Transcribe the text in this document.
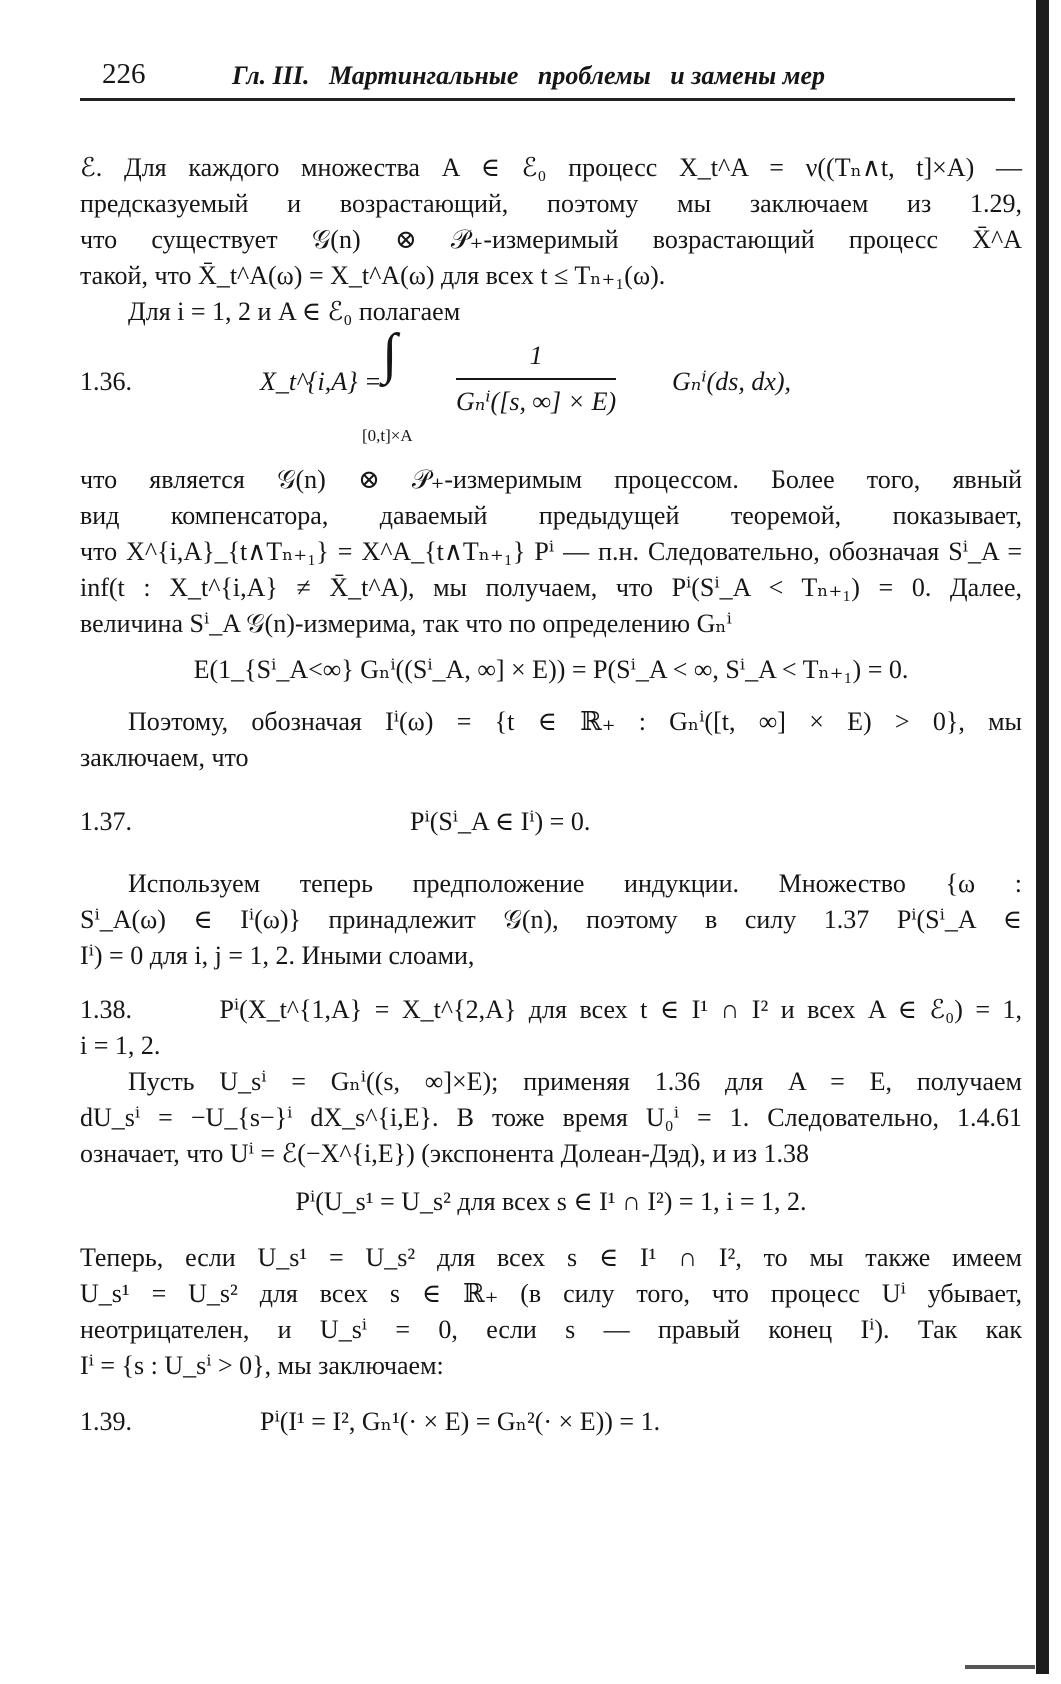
226	Гл. III.   Мартингальные   проблемы   и замены мер

ℰ. Для каждого множества A ∈ ℰ₀ процесс X_t^A = ν((Tₙ∧t, t]×A) —

предсказуемый и возрастающий, поэтому мы заключаем из 1.29,

что существует 𝒢(n) ⊗ 𝒫₊-измеримый возрастающий процесс X̄^A

такой, что X̄_t^A(ω) = X_t^A(ω) для всех t ≤ Tₙ₊₁(ω).

Для i = 1, 2 и A ∈ ℰ₀ полагаем

1.36.	X_t^{i,A} = ∫
[0,t]×A
1
Gₙⁱ([s, ∞] × E)
Gₙⁱ(ds, dx),

что является 𝒢(n) ⊗ 𝒫₊-измеримым процессом. Более того, явный

вид компенсатора, даваемый предыдущей теоремой, показывает,

что X^{i,A}_{t∧Tₙ₊₁} = X^A_{t∧Tₙ₊₁} Pⁱ — п.н. Следовательно, обозначая Sⁱ_A =

inf(t : X_t^{i,A} ≠ X̄_t^A), мы получаем, что Pⁱ(Sⁱ_A < Tₙ₊₁) = 0. Далее,

величина Sⁱ_A 𝒢(n)-измерима, так что по определению Gₙⁱ

E(1_{Sⁱ_A<∞} Gₙⁱ((Sⁱ_A, ∞] × E)) = P(Sⁱ_A < ∞, Sⁱ_A < Tₙ₊₁) = 0.

Поэтому, обозначая Iⁱ(ω) = {t ∈ ℝ₊ : Gₙⁱ([t, ∞] × E) > 0}, мы

заключаем, что

1.37.	Pⁱ(Sⁱ_A ∈ Iⁱ) = 0.

Используем теперь предположение индукции. Множество {ω :

Sⁱ_A(ω) ∈ Iⁱ(ω)} принадлежит 𝒢(n), поэтому в силу 1.37 Pⁱ(Sⁱ_A ∈

Iⁱ) = 0 для i, j = 1, 2. Иными слоами,

1.38.	Pⁱ(X_t^{1,A} = X_t^{2,A} для всех t ∈ I¹ ∩ I² и всех A ∈ ℰ₀) = 1,

i = 1, 2.

Пусть U_sⁱ = Gₙⁱ((s, ∞]×E); применяя 1.36 для A = E, получаем

dU_sⁱ = −U_{s−}ⁱ dX_s^{i,E}. В тоже время U₀ⁱ = 1. Следовательно, 1.4.61

означает, что Uⁱ = ℰ(−X^{i,E}) (экспонента Долеан-Дэд), и из 1.38

Pⁱ(U_s¹ = U_s² для всех s ∈ I¹ ∩ I²) = 1, i = 1, 2.

Теперь, если U_s¹ = U_s² для всех s ∈ I¹ ∩ I², то мы также имеем

U_s¹ = U_s² для всех s ∈ ℝ₊ (в силу того, что процесс Uⁱ убывает,

неотрицателен, и U_sⁱ = 0, если s — правый конец Iⁱ). Так как

Iⁱ = {s : U_sⁱ > 0}, мы заключаем:

1.39.	Pⁱ(I¹ = I², Gₙ¹(· × E) = Gₙ²(· × E)) = 1.
